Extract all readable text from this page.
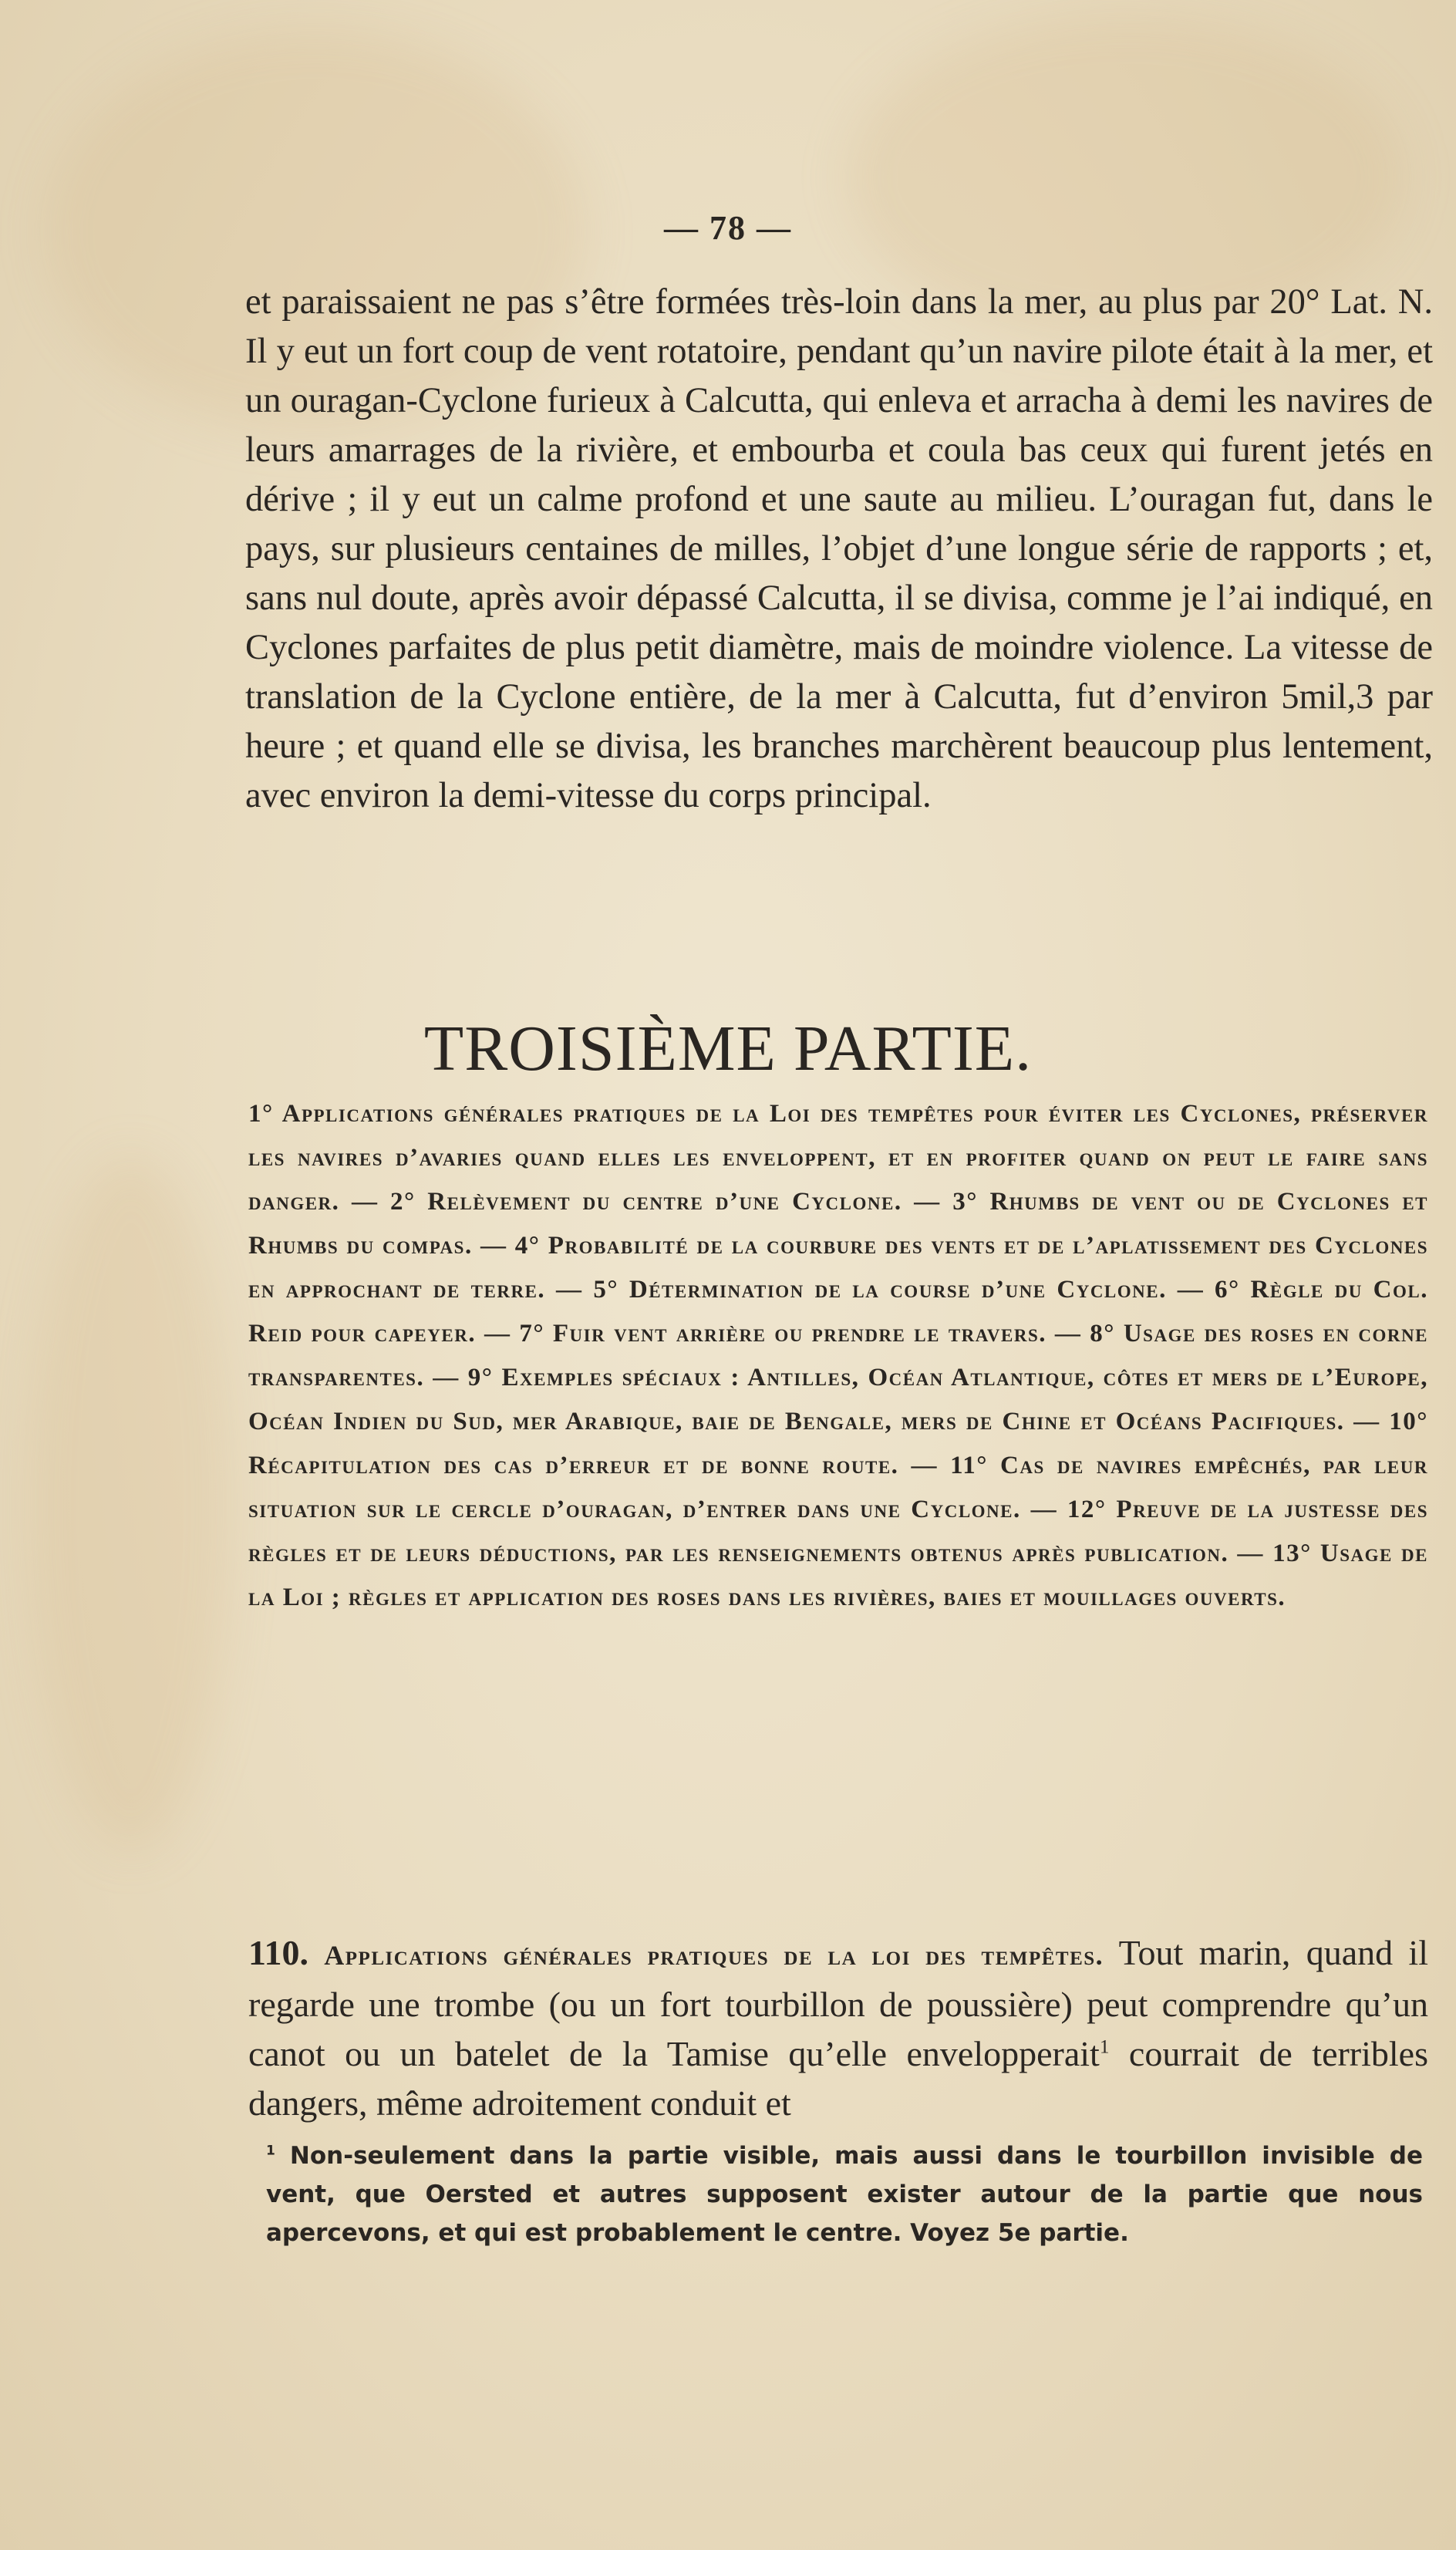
— 78 —

et paraissaient ne pas s’être formées très-loin dans la mer, au plus par 20° Lat. N. Il y eut un fort coup de vent rotatoire, pendant qu’un navire pilote était à la mer, et un ouragan-Cyclone furieux à Calcutta, qui enleva et arracha à demi les navires de leurs amarrages de la rivière, et embourba et coula bas ceux qui furent jetés en dérive ; il y eut un calme profond et une saute au milieu. L’ouragan fut, dans le pays, sur plusieurs centaines de milles, l’objet d’une longue série de rapports ; et, sans nul doute, après avoir dépassé Calcutta, il se divisa, comme je l’ai indiqué, en Cyclones parfaites de plus petit diamètre, mais de moindre violence. La vitesse de translation de la Cyclone entière, de la mer à Calcutta, fut d’environ 5mil,3 par heure ; et quand elle se divisa, les branches marchèrent beaucoup plus lentement, avec environ la demi-vitesse du corps principal.

TROISIÈME PARTIE.
1° Applications générales pratiques de la Loi des tempêtes pour éviter les Cyclones, préserver les navires d’avaries quand elles les enveloppent, et en profiter quand on peut le faire sans danger. — 2° Relèvement du centre d’une Cyclone. — 3° Rhumbs de vent ou de Cyclones et Rhumbs du compas. — 4° Probabilité de la courbure des vents et de l’aplatissement des Cyclones en approchant de terre. — 5° Détermination de la course d’une Cyclone. — 6° Règle du Col. Reid pour capeyer. — 7° Fuir vent arrière ou prendre le travers. — 8° Usage des roses en corne transparentes. — 9° Exemples spéciaux : Antilles, Océan Atlantique, côtes et mers de l’Europe, Océan Indien du Sud, mer Arabique, baie de Bengale, mers de Chine et Océans Pacifiques. — 10° Récapitulation des cas d’erreur et de bonne route. — 11° Cas de navires empêchés, par leur situation sur le cercle d’ouragan, d’entrer dans une Cyclone. — 12° Preuve de la justesse des règles et de leurs déductions, par les renseignements obtenus après publication. — 13° Usage de la Loi ; règles et application des roses dans les rivières, baies et mouillages ouverts.
110. Applications générales pratiques de la loi des tempêtes. Tout marin, quand il regarde une trombe (ou un fort tourbillon de poussière) peut comprendre qu’un canot ou un batelet de la Tamise qu’elle envelopperait$^1$ courrait de terribles dangers, même adroitement conduit et
$^1$ Non-seulement dans la partie visible, mais aussi dans le tourbillon invisible de vent, que Oersted et autres supposent exister autour de la partie que nous apercevons, et qui est probablement le centre. Voyez 5e partie.
